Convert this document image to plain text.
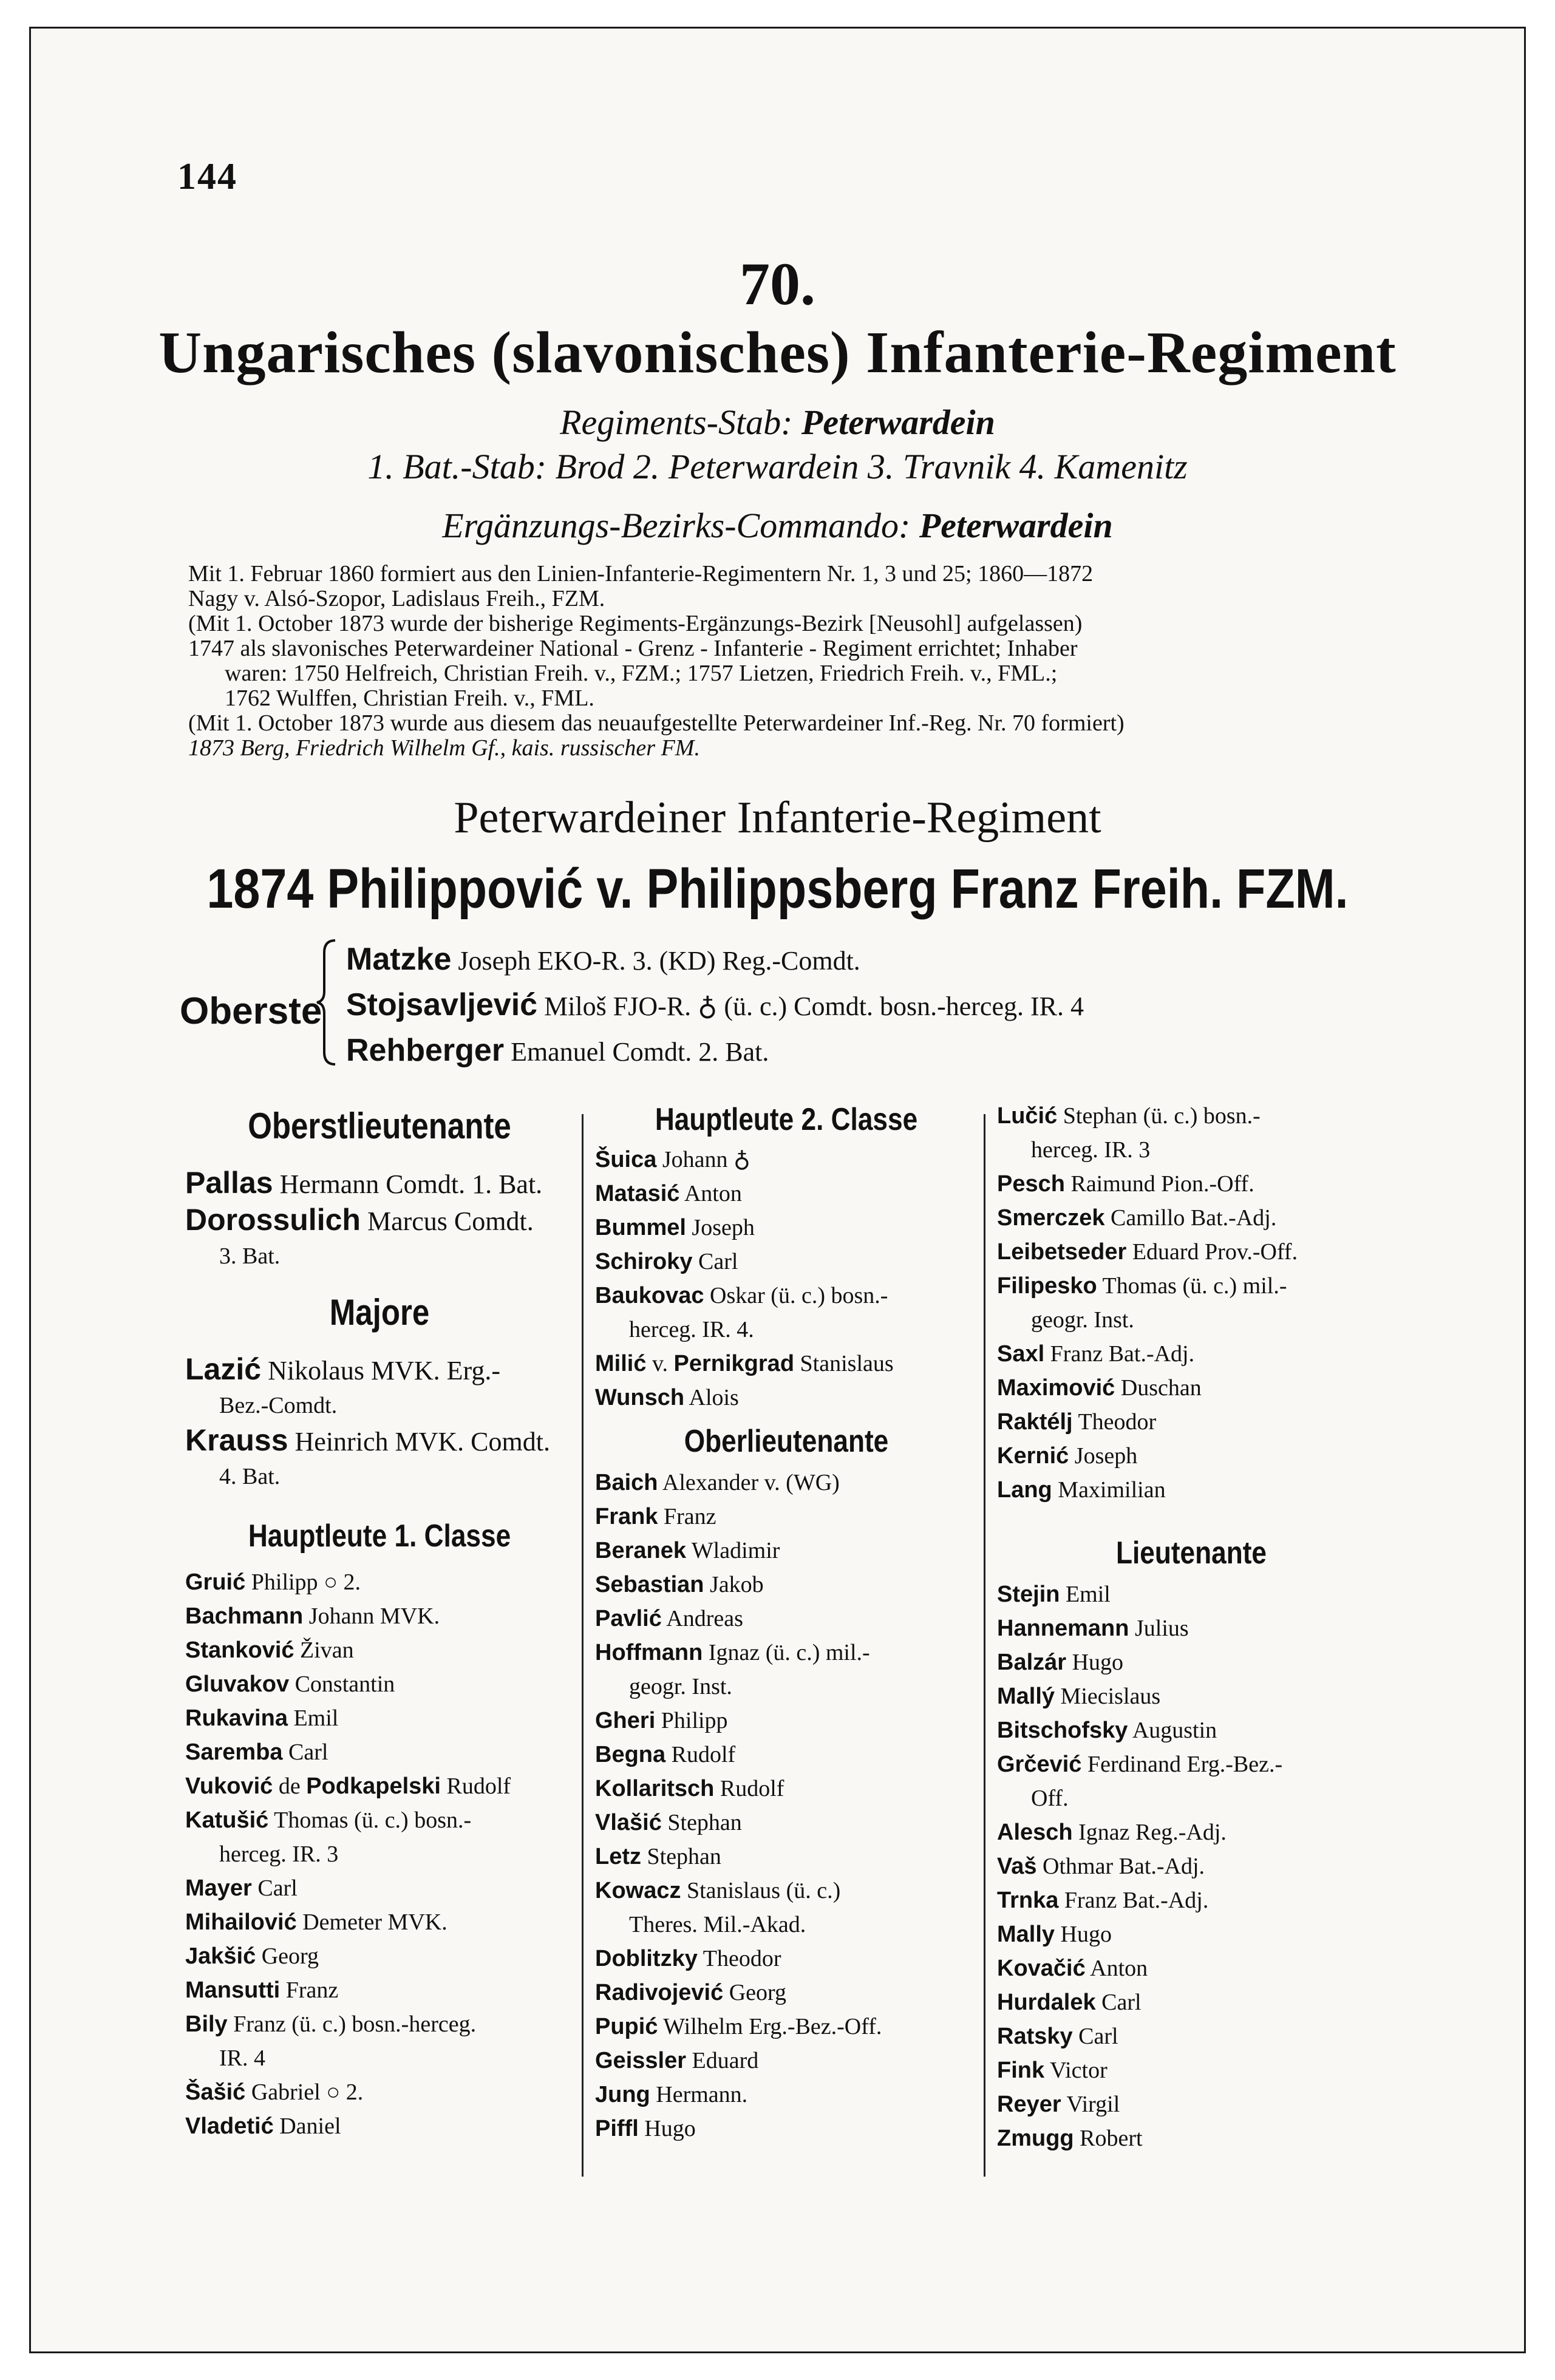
144
70.
Ungarisches (slavonisches) Infanterie-Regiment
Regiments-Stab: Peterwardein
1. Bat.-Stab: Brod 2. Peterwardein 3. Travnik 4. Kamenitz
Ergänzungs-Bezirks-Commando: Peterwardein

Mit 1. Februar 1860 formiert aus den Linien-Infanterie-Regimentern Nr. 1, 3 und 25; 1860—1872

Nagy v. Alsó-Szopor, Ladislaus Freih., FZM.

(Mit 1. October 1873 wurde der bisherige Regiments-Ergänzungs-Bezirk [Neusohl] aufgelassen)

1747 als slavonisches Peterwardeiner National - Grenz - Infanterie - Regiment errichtet; Inhaber

waren: 1750 Helfreich, Christian Freih. v., FZM.; 1757 Lietzen, Friedrich Freih. v., FML.;

1762 Wulffen, Christian Freih. v., FML.

(Mit 1. October 1873 wurde aus diesem das neuaufgestellte Peterwardeiner Inf.-Reg. Nr. 70 formiert)

1873 Berg, Friedrich Wilhelm Gf., kais. russischer FM.

Peterwardeiner Infanterie-Regiment
1874 Philippović v. Philippsberg Franz Freih. FZM.
Oberste
Matzke Joseph EKO-R. 3. (KD) Reg.-Comdt.
Stojsavljević Miloš FJO-R. ♁ (ü. c.) Comdt. bosn.-herceg. IR. 4
Rehberger Emanuel Comdt. 2. Bat.

Oberstlieutenante

Pallas Hermann Comdt. 1. Bat.
Dorossulich Marcus Comdt.
3. Bat.

Majore

Lazić Nikolaus MVK. Erg.-
Bez.-Comdt.
Krauss Heinrich MVK. Comdt.
4. Bat.

Hauptleute 1. Classe

Gruić Philipp ○ 2.
Bachmann Johann MVK.
Stanković Živan
Gluvakov Constantin
Rukavina Emil
Saremba Carl
Vuković de Podkapelski Rudolf
Katušić Thomas (ü. c.) bosn.-
herceg. IR. 3
Mayer Carl
Mihailović Demeter MVK.
Jakšić Georg
Mansutti Franz
Bily Franz (ü. c.) bosn.-herceg.
IR. 4
Šašić Gabriel ○ 2.
Vladetić Daniel

Hauptleute 2. Classe

Šuica Johann ♁
Matasić Anton
Bummel Joseph
Schiroky Carl
Baukovac Oskar (ü. c.) bosn.-
herceg. IR. 4.
Milić v. Pernikgrad Stanislaus
Wunsch Alois

Oberlieutenante

Baich Alexander v. (WG)
Frank Franz
Beranek Wladimir
Sebastian Jakob
Pavlić Andreas
Hoffmann Ignaz (ü. c.) mil.-
geogr. Inst.
Gheri Philipp
Begna Rudolf
Kollaritsch Rudolf
Vlašić Stephan
Letz Stephan
Kowacz Stanislaus (ü. c.)
Theres. Mil.-Akad.
Doblitzky Theodor
Radivojević Georg
Pupić Wilhelm Erg.-Bez.-Off.
Geissler Eduard
Jung Hermann.
Piffl Hugo
Lučić Stephan (ü. c.) bosn.-
herceg. IR. 3
Pesch Raimund Pion.-Off.
Smerczek Camillo Bat.-Adj.
Leibetseder Eduard Prov.-Off.
Filipesko Thomas (ü. c.) mil.-
geogr. Inst.
Saxl Franz Bat.-Adj.
Maximović Duschan
Raktélj Theodor
Kernić Joseph
Lang Maximilian

Lieutenante

Stejin Emil
Hannemann Julius
Balzár Hugo
Mallý Miecislaus
Bitschofsky Augustin
Grčević Ferdinand Erg.-Bez.-
Off.
Alesch Ignaz Reg.-Adj.
Vaš Othmar Bat.-Adj.
Trnka Franz Bat.-Adj.
Mally Hugo
Kovačić Anton
Hurdalek Carl
Ratsky Carl
Fink Victor
Reyer Virgil
Zmugg Robert
